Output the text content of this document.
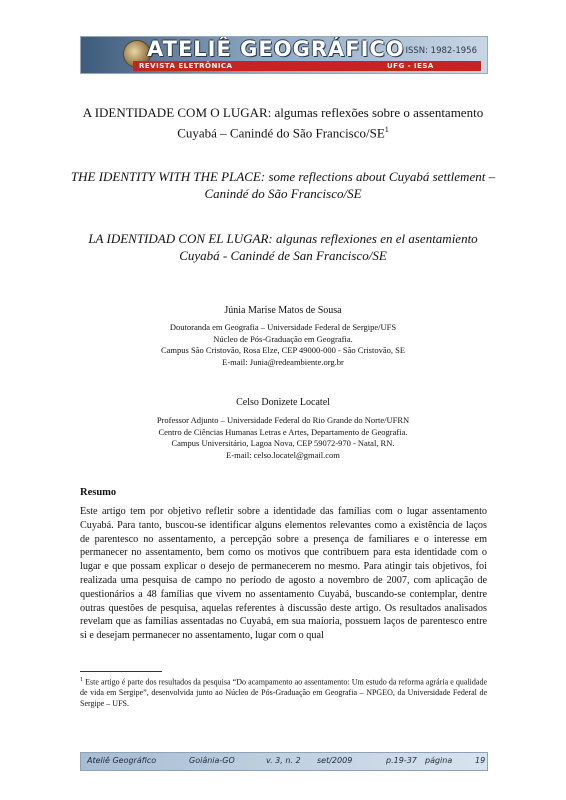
ATELIÊ GEOGRÁFICO ISSN: 1982-1956
REVISTA ELETRÔNICA	UFG - IESA
A IDENTIDADE COM O LUGAR: algumas reflexões sobre o assentamento Cuyabá – Canindé do São Francisco/$SE^1$
THE IDENTITY WITH THE PLACE: some reflections about Cuyabá settlement – Canindé do São Francisco/SE
LA IDENTIDAD CON EL LUGAR: algunas reflexiones en el asentamiento Cuyabá - Canindé de San Francisco/SE
Júnia Marise Matos de Sousa
Doutoranda em Geografia – Universidade Federal de Sergipe/UFS
Núcleo de Pós-Graduação em Geografia.
Campus São Cristovão, Rosa Elze, CEP 49000-000 - São Cristovão, SE
E-mail: Junia@redeambiente.org.br
Celso Donizete Locatel
Professor Adjunto – Universidade Federal do Rio Grande do Norte/UFRN
Centro de Ciências Humanas Letras e Artes, Departamento de Geografia.
Campus Universitário, Lagoa Nova, CEP 59072-970 - Natal, RN.
E-mail: celso.locatel@gmail.com
Resumo
Este artigo tem por objetivo refletir sobre a identidade das famílias com o lugar assentamento Cuyabá. Para tanto, buscou-se identificar alguns elementos relevantes como a existência de laços de parentesco no assentamento, a percepção sobre a presença de familiares e o interesse em permanecer no assentamento, bem como os motivos que contribuem para esta identidade com o lugar e que possam explicar o desejo de permanecerem no mesmo. Para atingir tais objetivos, foi realizada uma pesquisa de campo no período de agosto a novembro de 2007, com aplicação de questionários a 48 famílias que vivem no assentamento Cuyabá, buscando-se contemplar, dentre outras questões de pesquisa, aquelas referentes à discussão deste artigo. Os resultados analisados revelam que as famílias assentadas no Cuyabá, em sua maioria, possuem laços de parentesco entre si e desejam permanecer no assentamento, lugar com o qual
$^1$ Este artigo é parte dos resultados da pesquisa “Do acampamento ao assentamento: Um estudo da reforma agrária e qualidade de vida em Sergipe”, desenvolvida junto ao Núcleo de Pós-Graduação em Geografia – NPGEO, da Universidade Federal de Sergipe – UFS.
Ateliê Geográfico	Goiânia-GO	v. 3, n. 2 set/2009	p.19-37 página	19
